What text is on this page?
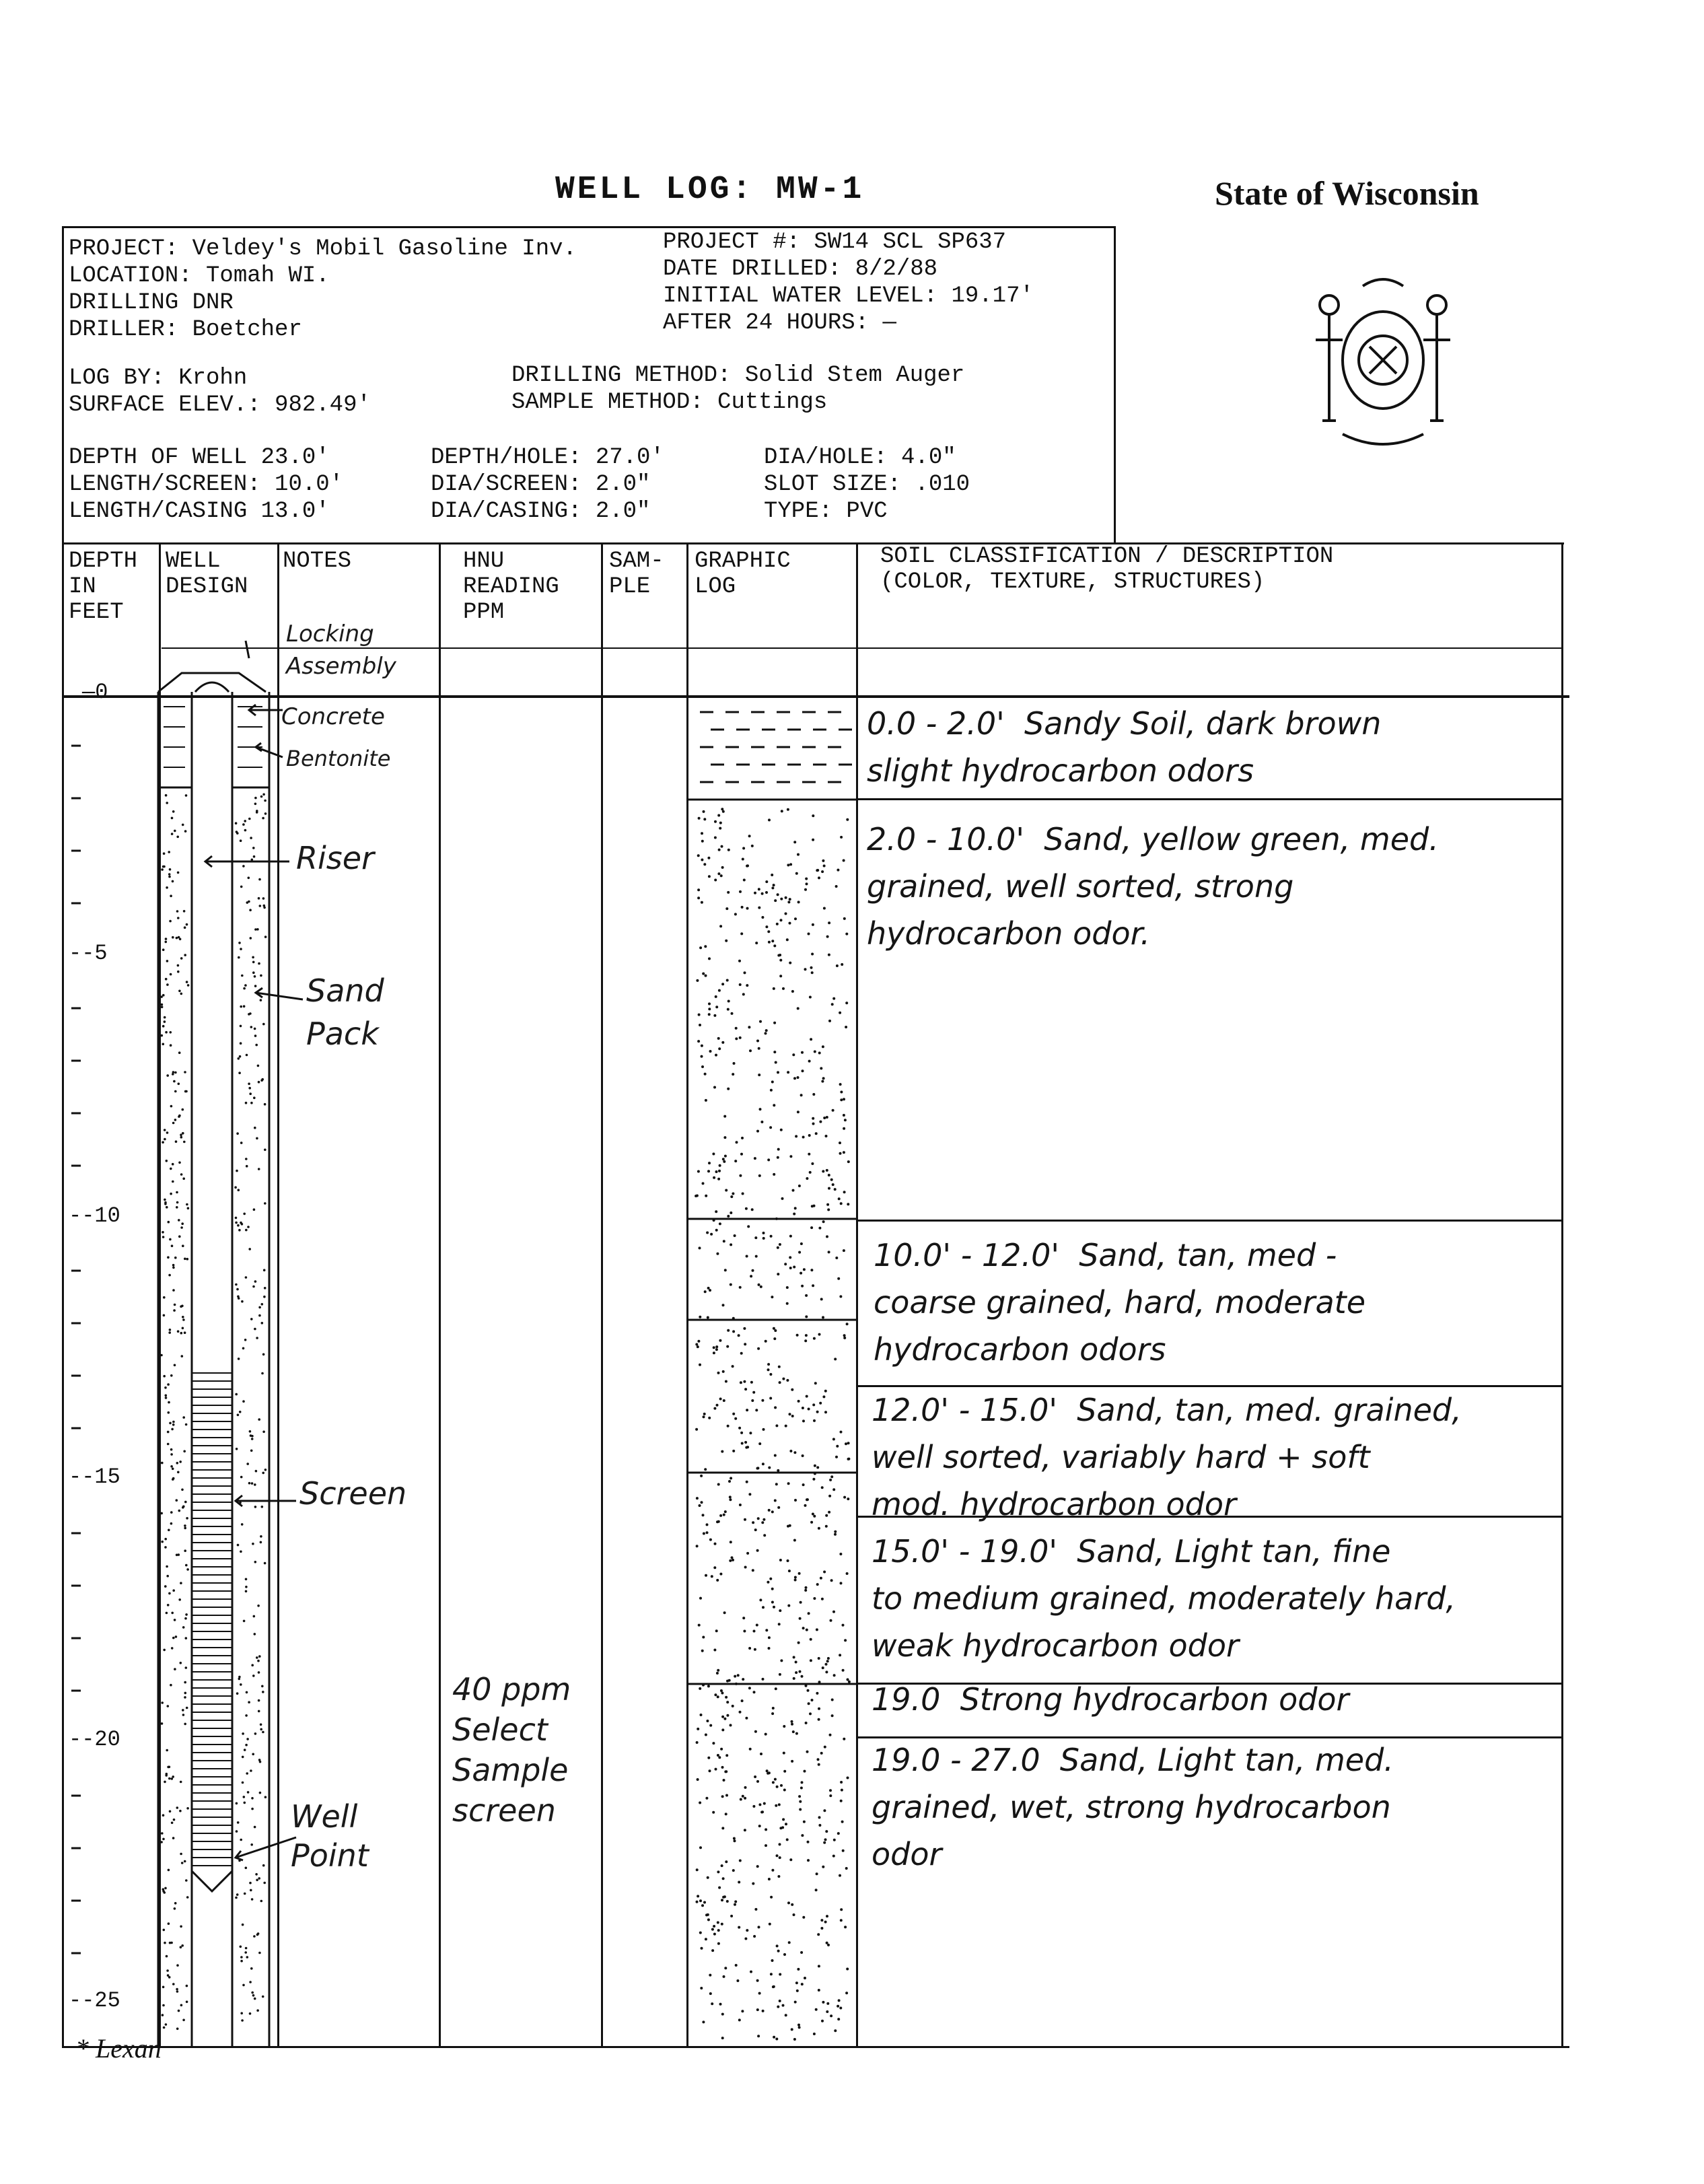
WELL LOG: MW-1	State of Wisconsin
PROJECT: Veldey's Mobil Gasoline Inv.
LOCATION: Tomah WI.
DRILLING DNR
DRILLER: Boetcher
PROJECT #: SW14 SCL SP637
DATE DRILLED: 8/2/88
INITIAL WATER LEVEL: 19.17'
AFTER 24 HOURS: —
LOG BY: Krohn
SURFACE ELEV.: 982.49'
DRILLING METHOD: Solid Stem Auger
SAMPLE METHOD: Cuttings
DEPTH OF WELL 23.0'
LENGTH/SCREEN: 10.0'
LENGTH/CASING 13.0'
DEPTH/HOLE: 27.0'
DIA/SCREEN: 2.0"
DIA/CASING: 2.0"
DIA/HOLE: 4.0"
SLOT SIZE: .010
TYPE: PVC
DEPTH
IN
FEET
WELL
DESIGN
NOTES	HNU
READING
PPM
SAM-
PLE
GRAPHIC
LOG
SOIL CLASSIFICATION / DESCRIPTION
(COLOR, TEXTURE, STRUCTURES)
—0
--5
--10
--15
--20
--25
Locking
Assembly
Concrete
Bentonite
Riser
Sand
Pack
Screen
Well
Point
40 ppm
Select
Sample
screen
0.0 - 2.0'  Sandy Soil, dark brown
slight hydrocarbon odors
2.0 - 10.0'  Sand, yellow green, med.
grained, well sorted, strong
hydrocarbon odor.
10.0' - 12.0'  Sand, tan, med -
coarse grained, hard, moderate
hydrocarbon odors
12.0' - 15.0'  Sand, tan, med. grained,
well sorted, variably hard + soft
mod. hydrocarbon odor
15.0' - 19.0'  Sand, Light tan, fine
to medium grained, moderately hard,
weak hydrocarbon odor
19.0  Strong hydrocarbon odor
19.0 - 27.0  Sand, Light tan, med.
grained, wet, strong hydrocarbon
odor
* Lexan
